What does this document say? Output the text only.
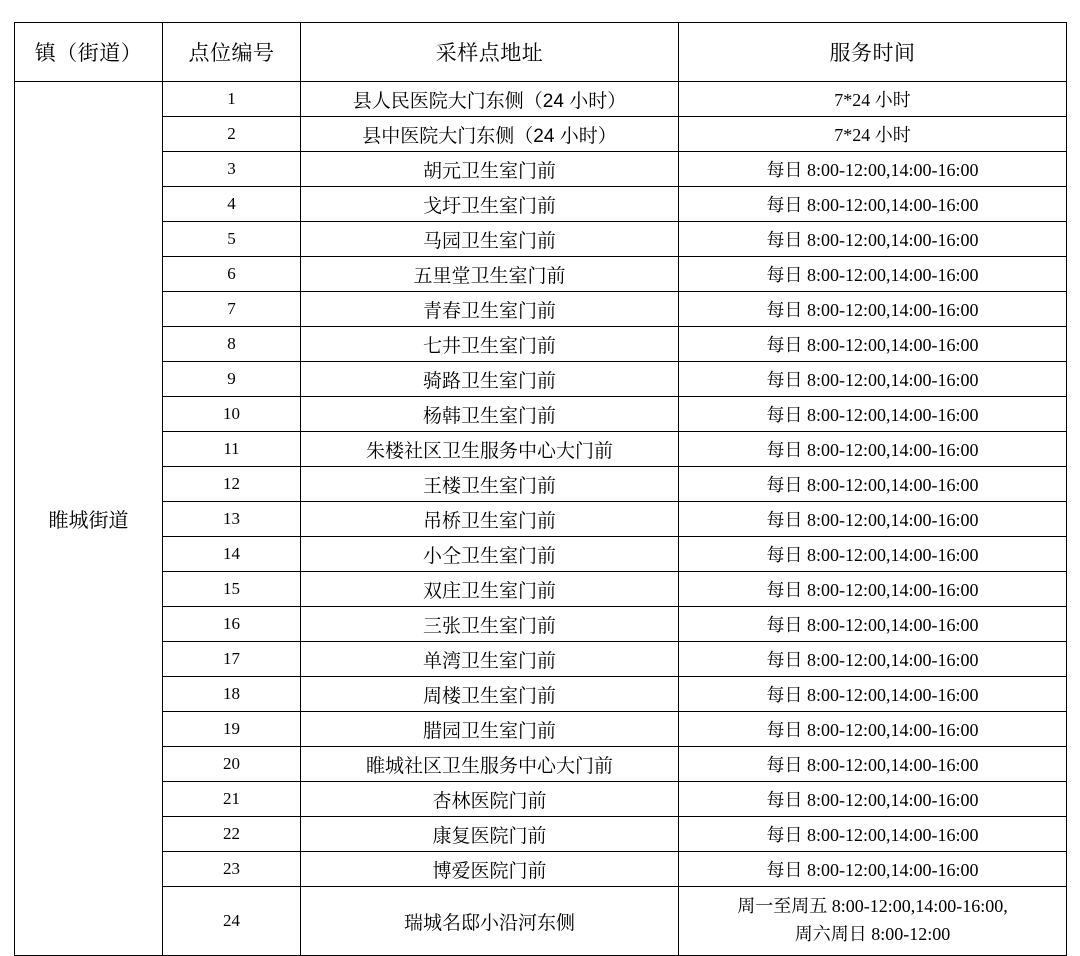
镇（街道）	点位编号	采样点地址	服务时间
睢城街道	1	县人民医院大门东侧（24 小时）	7*24 小时
	2	县中医院大门东侧（24 小时）	7*24 小时
	3	胡元卫生室门前	每日 8:00-12:00,14:00-16:00
	4	戈圩卫生室门前	每日 8:00-12:00,14:00-16:00
	5	马园卫生室门前	每日 8:00-12:00,14:00-16:00
	6	五里堂卫生室门前	每日 8:00-12:00,14:00-16:00
	7	青春卫生室门前	每日 8:00-12:00,14:00-16:00
	8	七井卫生室门前	每日 8:00-12:00,14:00-16:00
	9	骑路卫生室门前	每日 8:00-12:00,14:00-16:00
	10	杨韩卫生室门前	每日 8:00-12:00,14:00-16:00
	11	朱楼社区卫生服务中心大门前	每日 8:00-12:00,14:00-16:00
	12	王楼卫生室门前	每日 8:00-12:00,14:00-16:00
	13	吊桥卫生室门前	每日 8:00-12:00,14:00-16:00
	14	小仝卫生室门前	每日 8:00-12:00,14:00-16:00
	15	双庄卫生室门前	每日 8:00-12:00,14:00-16:00
	16	三张卫生室门前	每日 8:00-12:00,14:00-16:00
	17	单湾卫生室门前	每日 8:00-12:00,14:00-16:00
	18	周楼卫生室门前	每日 8:00-12:00,14:00-16:00
	19	腊园卫生室门前	每日 8:00-12:00,14:00-16:00
	20	睢城社区卫生服务中心大门前	每日 8:00-12:00,14:00-16:00
	21	杏林医院门前	每日 8:00-12:00,14:00-16:00
	22	康复医院门前	每日 8:00-12:00,14:00-16:00
	23	博爱医院门前	每日 8:00-12:00,14:00-16:00
	24	瑞城名邸小沿河东侧	周一至周五 8:00-12:00,14:00-16:00,
周六周日 8:00-12:00
